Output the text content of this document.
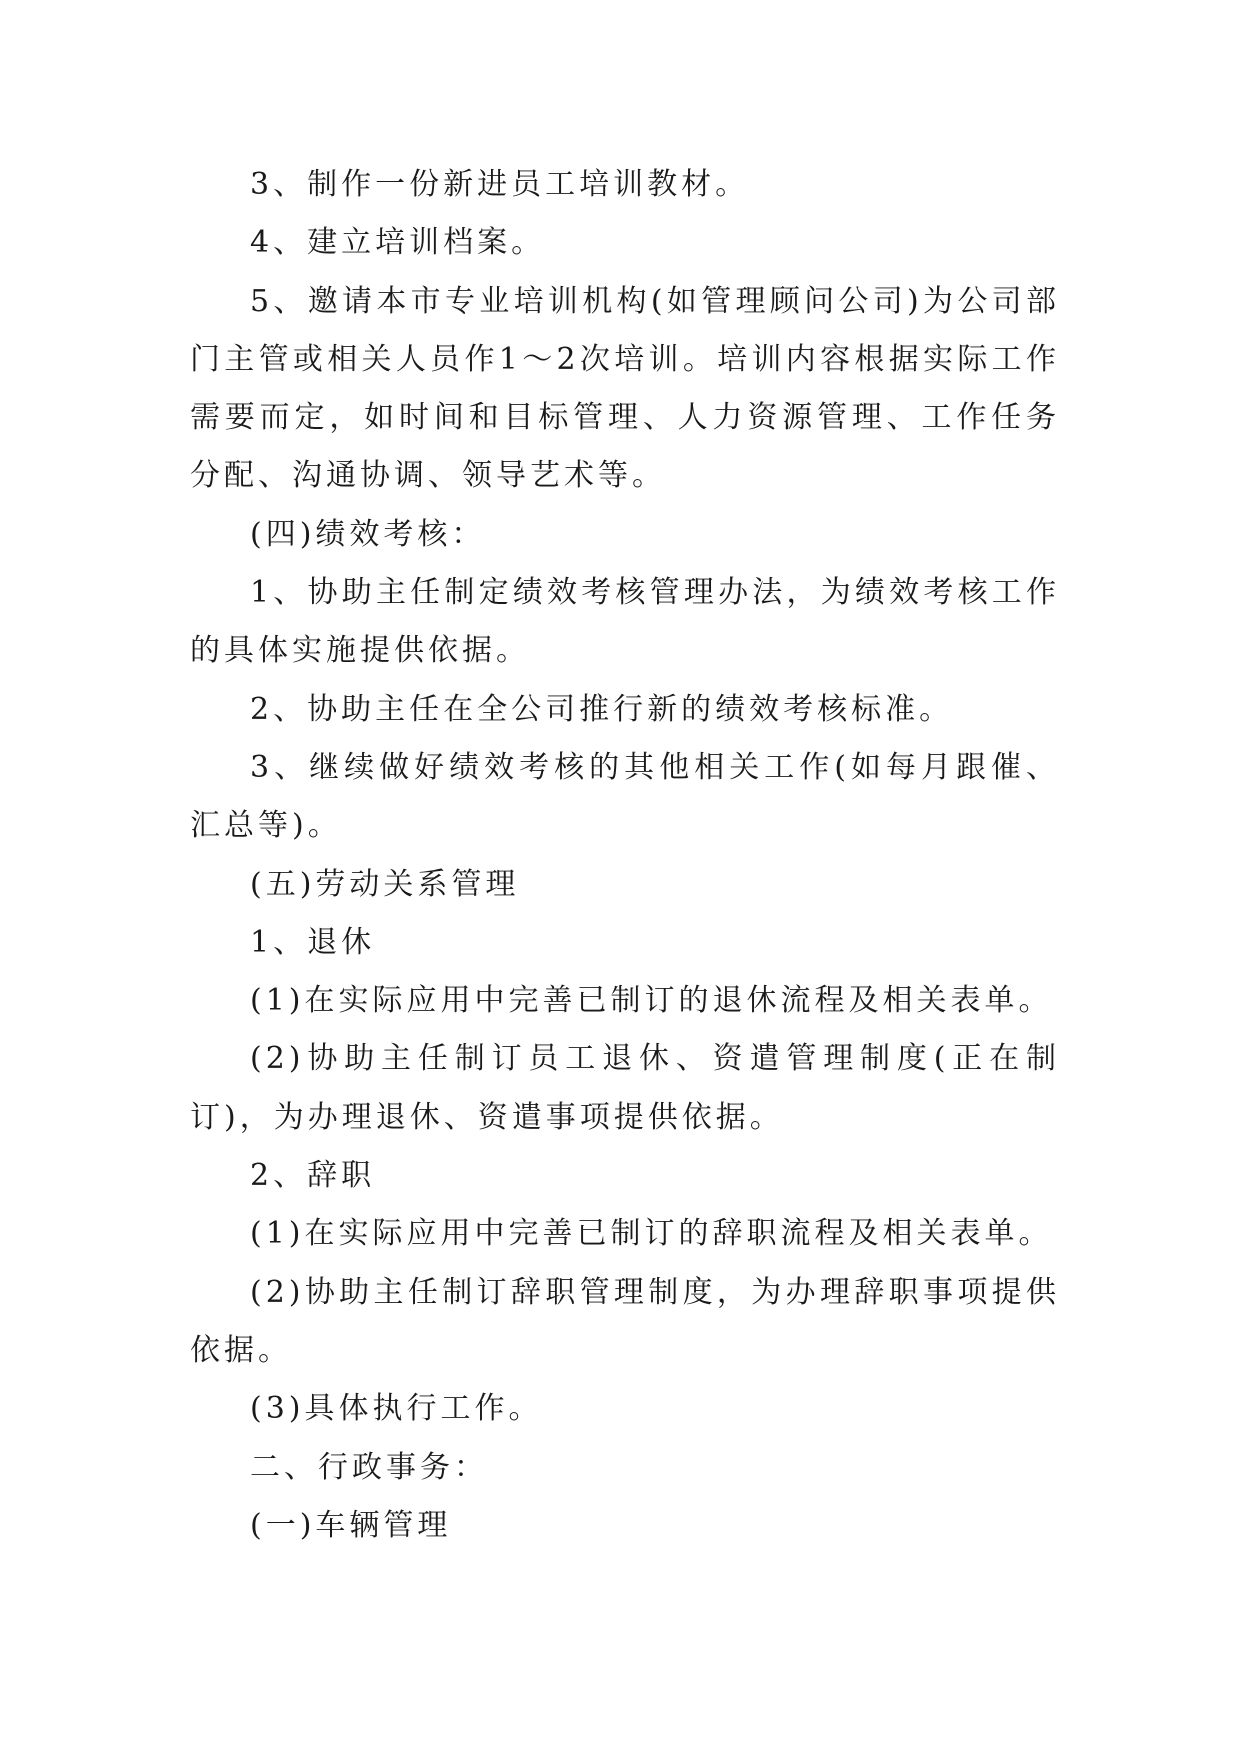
3、制作一份新进员工培训教材。

4、建立培训档案。

5、邀请本市专业培训机构(如管理顾问公司)为公司部门主管或相关人员作1～2次培训。培训内容根据实际工作需要而定，如时间和目标管理、人力资源管理、工作任务分配、沟通协调、领导艺术等。

(四)绩效考核：

1、协助主任制定绩效考核管理办法，为绩效考核工作的具体实施提供依据。

2、协助主任在全公司推行新的绩效考核标准。

3、继续做好绩效考核的其他相关工作(如每月跟催、汇总等)。

(五)劳动关系管理

1、退休

(1)在实际应用中完善已制订的退休流程及相关表单。

(2)协助主任制订员工退休、资遣管理制度(正在制订)，为办理退休、资遣事项提供依据。

2、辞职

(1)在实际应用中完善已制订的辞职流程及相关表单。

(2)协助主任制订辞职管理制度，为办理辞职事项提供依据。

(3)具体执行工作。

二、行政事务：

(一)车辆管理
